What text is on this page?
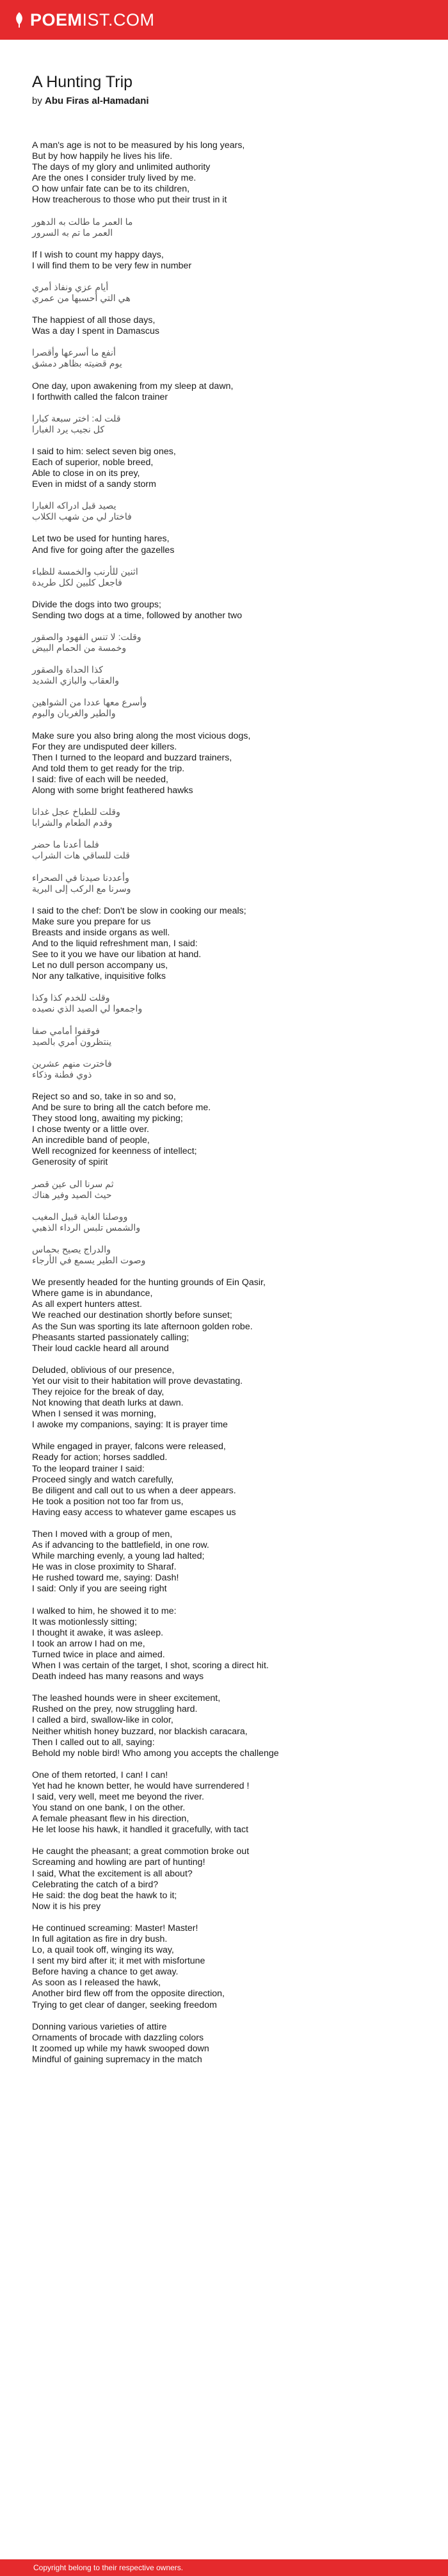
POEMIST.COM
A Hunting Trip
by Abu Firas al-Hamadani
A man's age is not to be measured by his long years,
But by how happily he lives his life.
The days of my glory and unlimited authority
Are the ones I consider truly lived by me.
O how unfair fate can be to its children,
How treacherous to those who put their trust in it
ما العمر ما طالت به الدهور
العمر ما تم به السرور
If I wish to count my happy days,
I will find them to be very few in number
أيام عزي ونفاذ أمري
هي التي أحسبها من عمري
The happiest of all those days,
Was a day I spent in Damascus
أنفع ما أسرعها وأقصرا
يوم قضيته بظاهر دمشق
One day, upon awakening from my sleep at dawn,
I forthwith called the falcon trainer
قلت له: اختر سبعة كبارا
كل نجيب يرد الغبارا
I said to him: select seven big ones,
Each of superior, noble breed,
Able to close in on its prey,
Even in midst of a sandy storm
يصيد قبل ادراكه الغبارا
فاختار لي من شهب الكلاب
Let two be used for hunting hares,
And five for going after the gazelles
اثنين للأرنب والخمسة للظباء
فاجعل كلبين لكل طريدة
Divide the dogs into two groups;
Sending two dogs at a time, followed by another two
وقلت: لا تنس الفهود والصقور
وخمسة من الحمام البيض
كذا الحداة والصقور
والعقاب والبازي الشديد
وأسرع معها عددا من الشواهين
والطير والغربان والبوم
Make sure you also bring along the most vicious dogs,
For they are undisputed deer killers.
Then I turned to the leopard and buzzard trainers,
And told them to get ready for the trip.
I said: five of each will be needed,
Along with some bright feathered hawks
وقلت للطباخ عجل غدانا
وقدم الطعام والشرابا
فلما أعدنا ما حضر
قلت للساقي هات الشراب
وأعددنا صيدنا في الصحراء
وسرنا مع الركب إلى البرية
I said to the chef: Don't be slow in cooking our meals;
Make sure you prepare for us
Breasts and inside organs as well.
And to the liquid refreshment man, I said:
See to it you we have our libation at hand.
Let no dull person accompany us,
Nor any talkative, inquisitive folks
وقلت للخدم كذا وكذا
واجمعوا لي الصيد الذي نصيده
فوقفوا أمامي صفا
ينتظرون أمري بالصيد
فاخترت منهم عشرين
ذوي فطنة وذكاء
Reject so and so, take in so and so,
And be sure to bring all the catch before me.
They stood long, awaiting my picking;
I chose twenty or a little over.
An incredible band of people,
Well recognized for keenness of intellect;
Generosity of spirit
ثم سرنا الى عين قصر
حيث الصيد وفير هناك
ووصلنا الغاية قبيل المغيب
والشمس تلبس الرداء الذهبي
والدراج يصيح بحماس
وصوت الطير يسمع في الأرجاء
We presently headed for the hunting grounds of Ein Qasir,
Where game is in abundance,
As all expert hunters attest.
We reached our destination shortly before sunset;
As the Sun was sporting its late afternoon golden robe.
Pheasants started passionately calling;
Their loud cackle heard all around
Deluded, oblivious of our presence,
Yet our visit to their habitation will prove devastating.
They rejoice for the break of day,
Not knowing that death lurks at dawn.
When I sensed it was morning,
I awoke my companions, saying: It is prayer time
While engaged in prayer, falcons were released,
Ready for action; horses saddled.
To the leopard trainer I said:
Proceed singly and watch carefully,
Be diligent and call out to us when a deer appears.
He took a position not too far from us,
Having easy access to whatever game escapes us
Then I moved with a group of men,
As if advancing to the battlefield, in one row.
While marching evenly, a young lad halted;
He was in close proximity to Sharaf.
He rushed toward me, saying: Dash!
I said: Only if you are seeing right
I walked to him, he showed it to me:
It was motionlessly sitting;
I thought it awake, it was asleep.
I took an arrow I had on me,
Turned twice in place and aimed.
When I was certain of the target, I shot, scoring a direct hit.
Death indeed has many reasons and ways
The leashed hounds were in sheer excitement,
Rushed on the prey, now struggling hard.
I called a bird, swallow-like in color,
Neither whitish honey buzzard, nor blackish caracara,
Then I called out to all, saying:
Behold my noble bird! Who among you accepts the challenge
One of them retorted, I can! I can!
Yet had he known better, he would have surrendered !
I said, very well, meet me beyond the river.
You stand on one bank, I on the other.
A female pheasant flew in his direction,
He let loose his hawk, it handled it gracefully, with tact
He caught the pheasant; a great commotion broke out
Screaming and howling are part of hunting!
I said, What the excitement is all about?
Celebrating the catch of a bird?
He said: the dog beat the hawk to it;
Now it is his prey
He continued screaming: Master! Master!
In full agitation as fire in dry bush.
Lo, a quail took off, winging its way,
I sent my bird after it; it met with misfortune
Before having a chance to get away.
As soon as I released the hawk,
Another bird flew off from the opposite direction,
Trying to get clear of danger, seeking freedom
Donning various varieties of attire
Ornaments of brocade with dazzling colors
It zoomed up while my hawk swooped down
Mindful of gaining supremacy in the match
Copyright belong to their respective owners.
